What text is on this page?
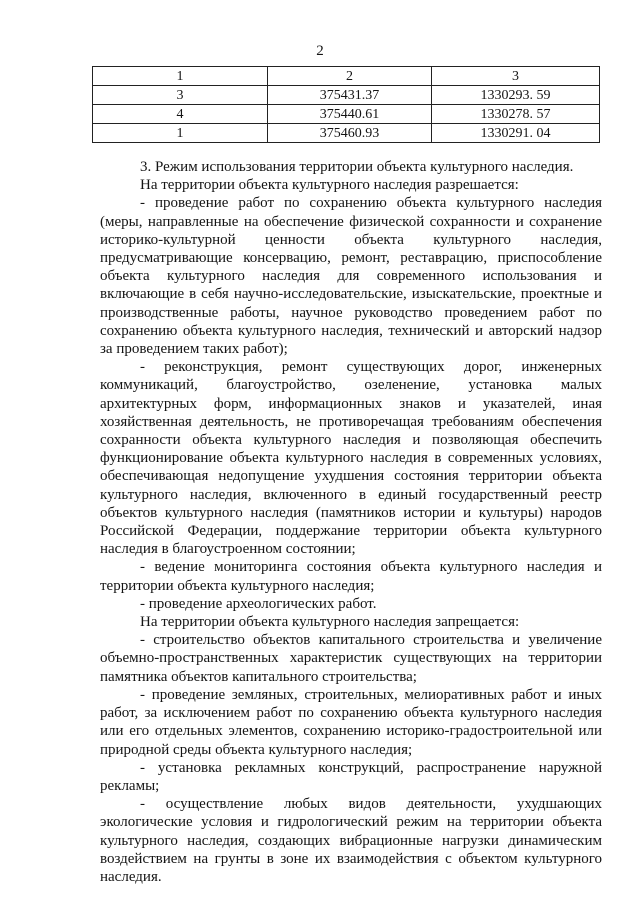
2
1	2	3
3	375431.37	1330293. 59
4	375440.61	1330278. 57
1	375460.93	1330291. 04

3. Режим использования территории объекта культурного наследия.

На территории объекта культурного наследия разрешается:

- проведение работ по сохранению объекта культурного наследия (меры, направленные на обеспечение физической сохранности и сохранение историко-культурной ценности объекта культурного наследия, предусматривающие консервацию, ремонт, реставрацию, приспособление объекта культурного наследия для современного использования и включающие в себя научно-исследовательские, изыскательские, проектные и производственные работы, научное руководство проведением работ по сохранению объекта культурного наследия, технический и авторский надзор за проведением таких работ);

- реконструкция, ремонт существующих дорог, инженерных коммуникаций, благоустройство, озеленение, установка малых архитектурных форм, информационных знаков и указателей, иная хозяйственная деятельность, не противоречащая требованиям обеспечения сохранности объекта культурного наследия и позволяющая обеспечить функционирование объекта культурного наследия в современных условиях, обеспечивающая недопущение ухудшения состояния территории объекта культурного наследия, включенного в единый государственный реестр объектов культурного наследия (памятников истории и культуры) народов Российской Федерации, поддержание территории объекта культурного наследия в благоустроенном состоянии;

- ведение мониторинга состояния объекта культурного наследия и территории объекта культурного наследия;

- проведение археологических работ.

На территории объекта культурного наследия запрещается:

- строительство объектов капитального строительства и увеличение объемно-пространственных характеристик существующих на территории памятника объектов капитального строительства;

- проведение земляных, строительных, мелиоративных работ и иных работ, за исключением работ по сохранению объекта культурного наследия или его отдельных элементов, сохранению историко-градостроительной или природной среды объекта культурного наследия;

- установка рекламных конструкций, распространение наружной рекламы;

- осуществление любых видов деятельности, ухудшающих экологические условия и гидрологический режим на территории объекта культурного наследия, создающих вибрационные нагрузки динамическим воздействием на грунты в зоне их взаимодействия с объектом культурного наследия.
